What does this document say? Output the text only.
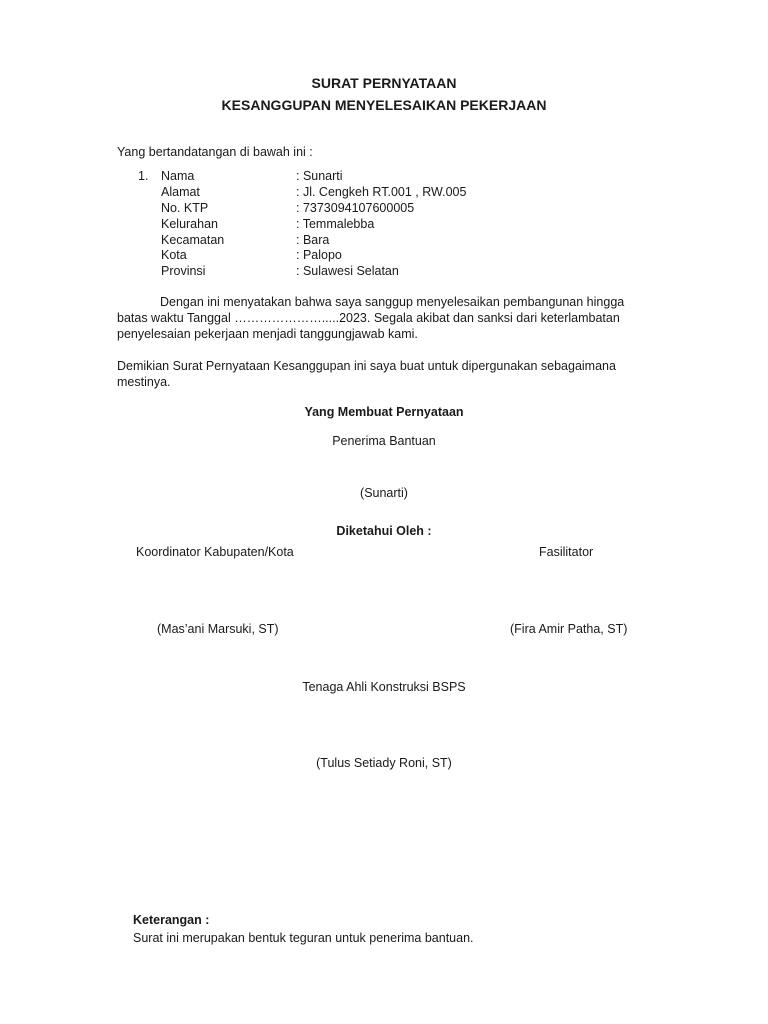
SURAT PERNYATAAN
KESANGGUPAN MENYELESAIKAN PEKERJAAN
Yang bertandatangan di bawah ini :
1.	Nama	: Sunarti
Alamat	: Jl. Cengkeh RT.001 , RW.005
No. KTP	: 7373094107600005
Kelurahan	: Temmalebba
Kecamatan	: Bara
Kota	: Palopo
Provinsi	: Sulawesi Selatan
Dengan ini menyatakan bahwa saya sanggup menyelesaikan pembangunan hingga batas waktu Tanggal ………………….....2023. Segala akibat dan sanksi dari keterlambatan penyelesaian pekerjaan menjadi tanggungjawab kami.
Demikian Surat Pernyataan Kesanggupan ini saya buat untuk dipergunakan sebagaimana mestinya.
Yang Membuat Pernyataan
Penerima Bantuan
(Sunarti)
Diketahui Oleh :
Koordinator Kabupaten/Kota
(Mas’ani Marsuki, ST)
Fasilitator
(Fira Amir Patha, ST)
Tenaga Ahli Konstruksi BSPS
(Tulus Setiady Roni, ST)
Keterangan :
Surat ini merupakan bentuk teguran untuk penerima bantuan.
